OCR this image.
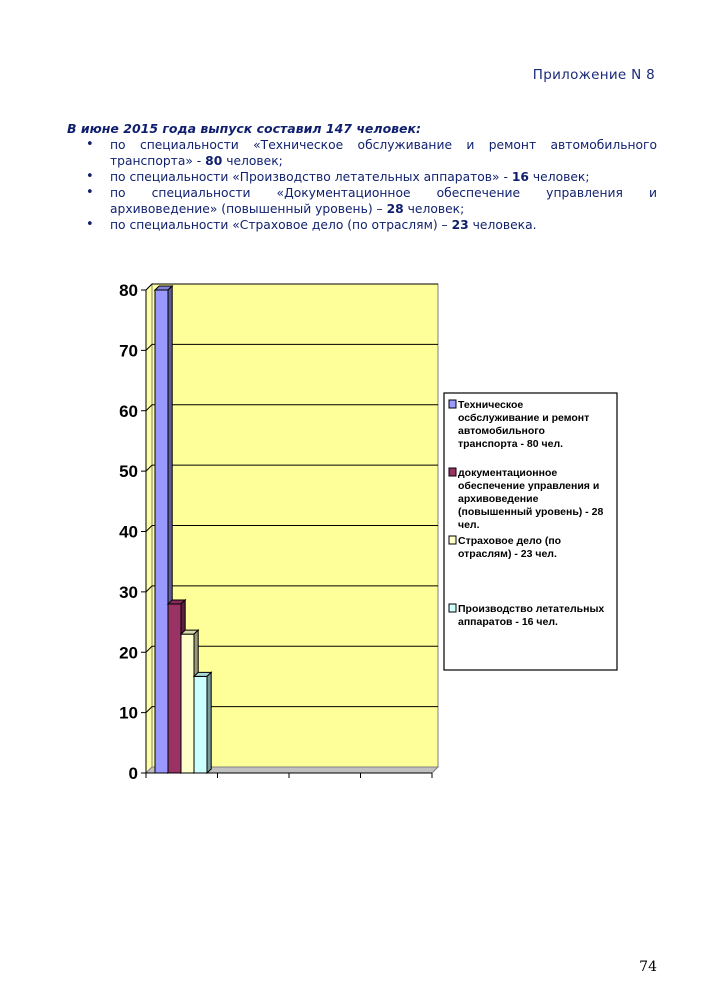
Приложение N 8

В июне 2015 года выпуск составил 147 человек:

• по специальности «Техническое обслуживание и ремонт автомобильного
транспорта» - 80 человек;
• по специальности «Производство летательных аппаратов» - 16 человек;
• по специальности «Документационное обеспечение управления и
архивоведение» (повышенный уровень) – 28 человек;
• по специальности «Страховое дело (по отраслям) – 23 человека.
0
10
20
30
40
50
60
70
80
Техническое осбслуживание и ремонт автомобильного транспорта - 80 чел.
документационное обеспечение управления и архивоведение (повышенный уровень) - 28 чел.
Страховое дело (по отраслям) - 23 чел.
Производство летательных аппаратов - 16 чел.
74
